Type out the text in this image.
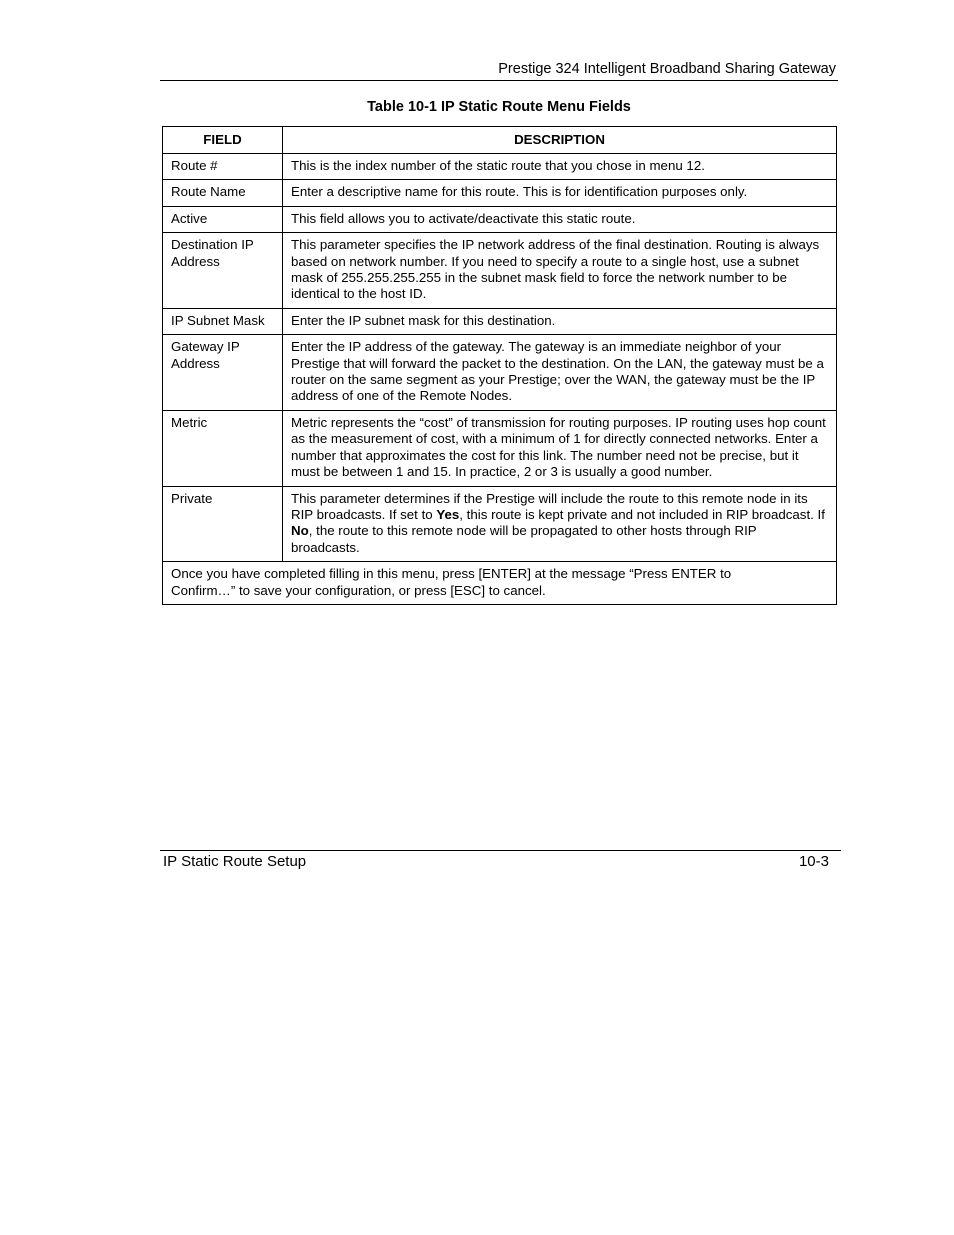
Prestige 324 Intelligent Broadband Sharing Gateway
Table 10-1 IP Static Route Menu Fields
FIELD	DESCRIPTION
Route #	This is the index number of the static route that you chose in menu 12.
Route Name	Enter a descriptive name for this route. This is for identification purposes only.
Active	This field allows you to activate/deactivate this static route.
Destination IP Address	This parameter specifies the IP network address of the final destination. Routing is always based on network number. If you need to specify a route to a single host, use a subnet mask of 255.255.255.255 in the subnet mask field to force the network number to be identical to the host ID.
IP Subnet Mask	Enter the IP subnet mask for this destination.
Gateway IP Address	Enter the IP address of the gateway. The gateway is an immediate neighbor of your Prestige that will forward the packet to the destination. On the LAN, the gateway must be a router on the same segment as your Prestige; over the WAN, the gateway must be the IP address of one of the Remote Nodes.
Metric	Metric represents the “cost” of transmission for routing purposes. IP routing uses hop count as the measurement of cost, with a minimum of 1 for directly connected networks. Enter a number that approximates the cost for this link. The number need not be precise, but it must be between 1 and 15. In practice, 2 or 3 is usually a good number.
Private	This parameter determines if the Prestige will include the route to this remote node in its RIP broadcasts. If set to Yes, this route is kept private and not included in RIP broadcast. If No, the route to this remote node will be propagated to other hosts through RIP broadcasts.
Once you have completed filling in this menu, press [ENTER] at the message “Press ENTER to Confirm…” to save your configuration, or press [ESC] to cancel.	
IP Static Route Setup	10-3
